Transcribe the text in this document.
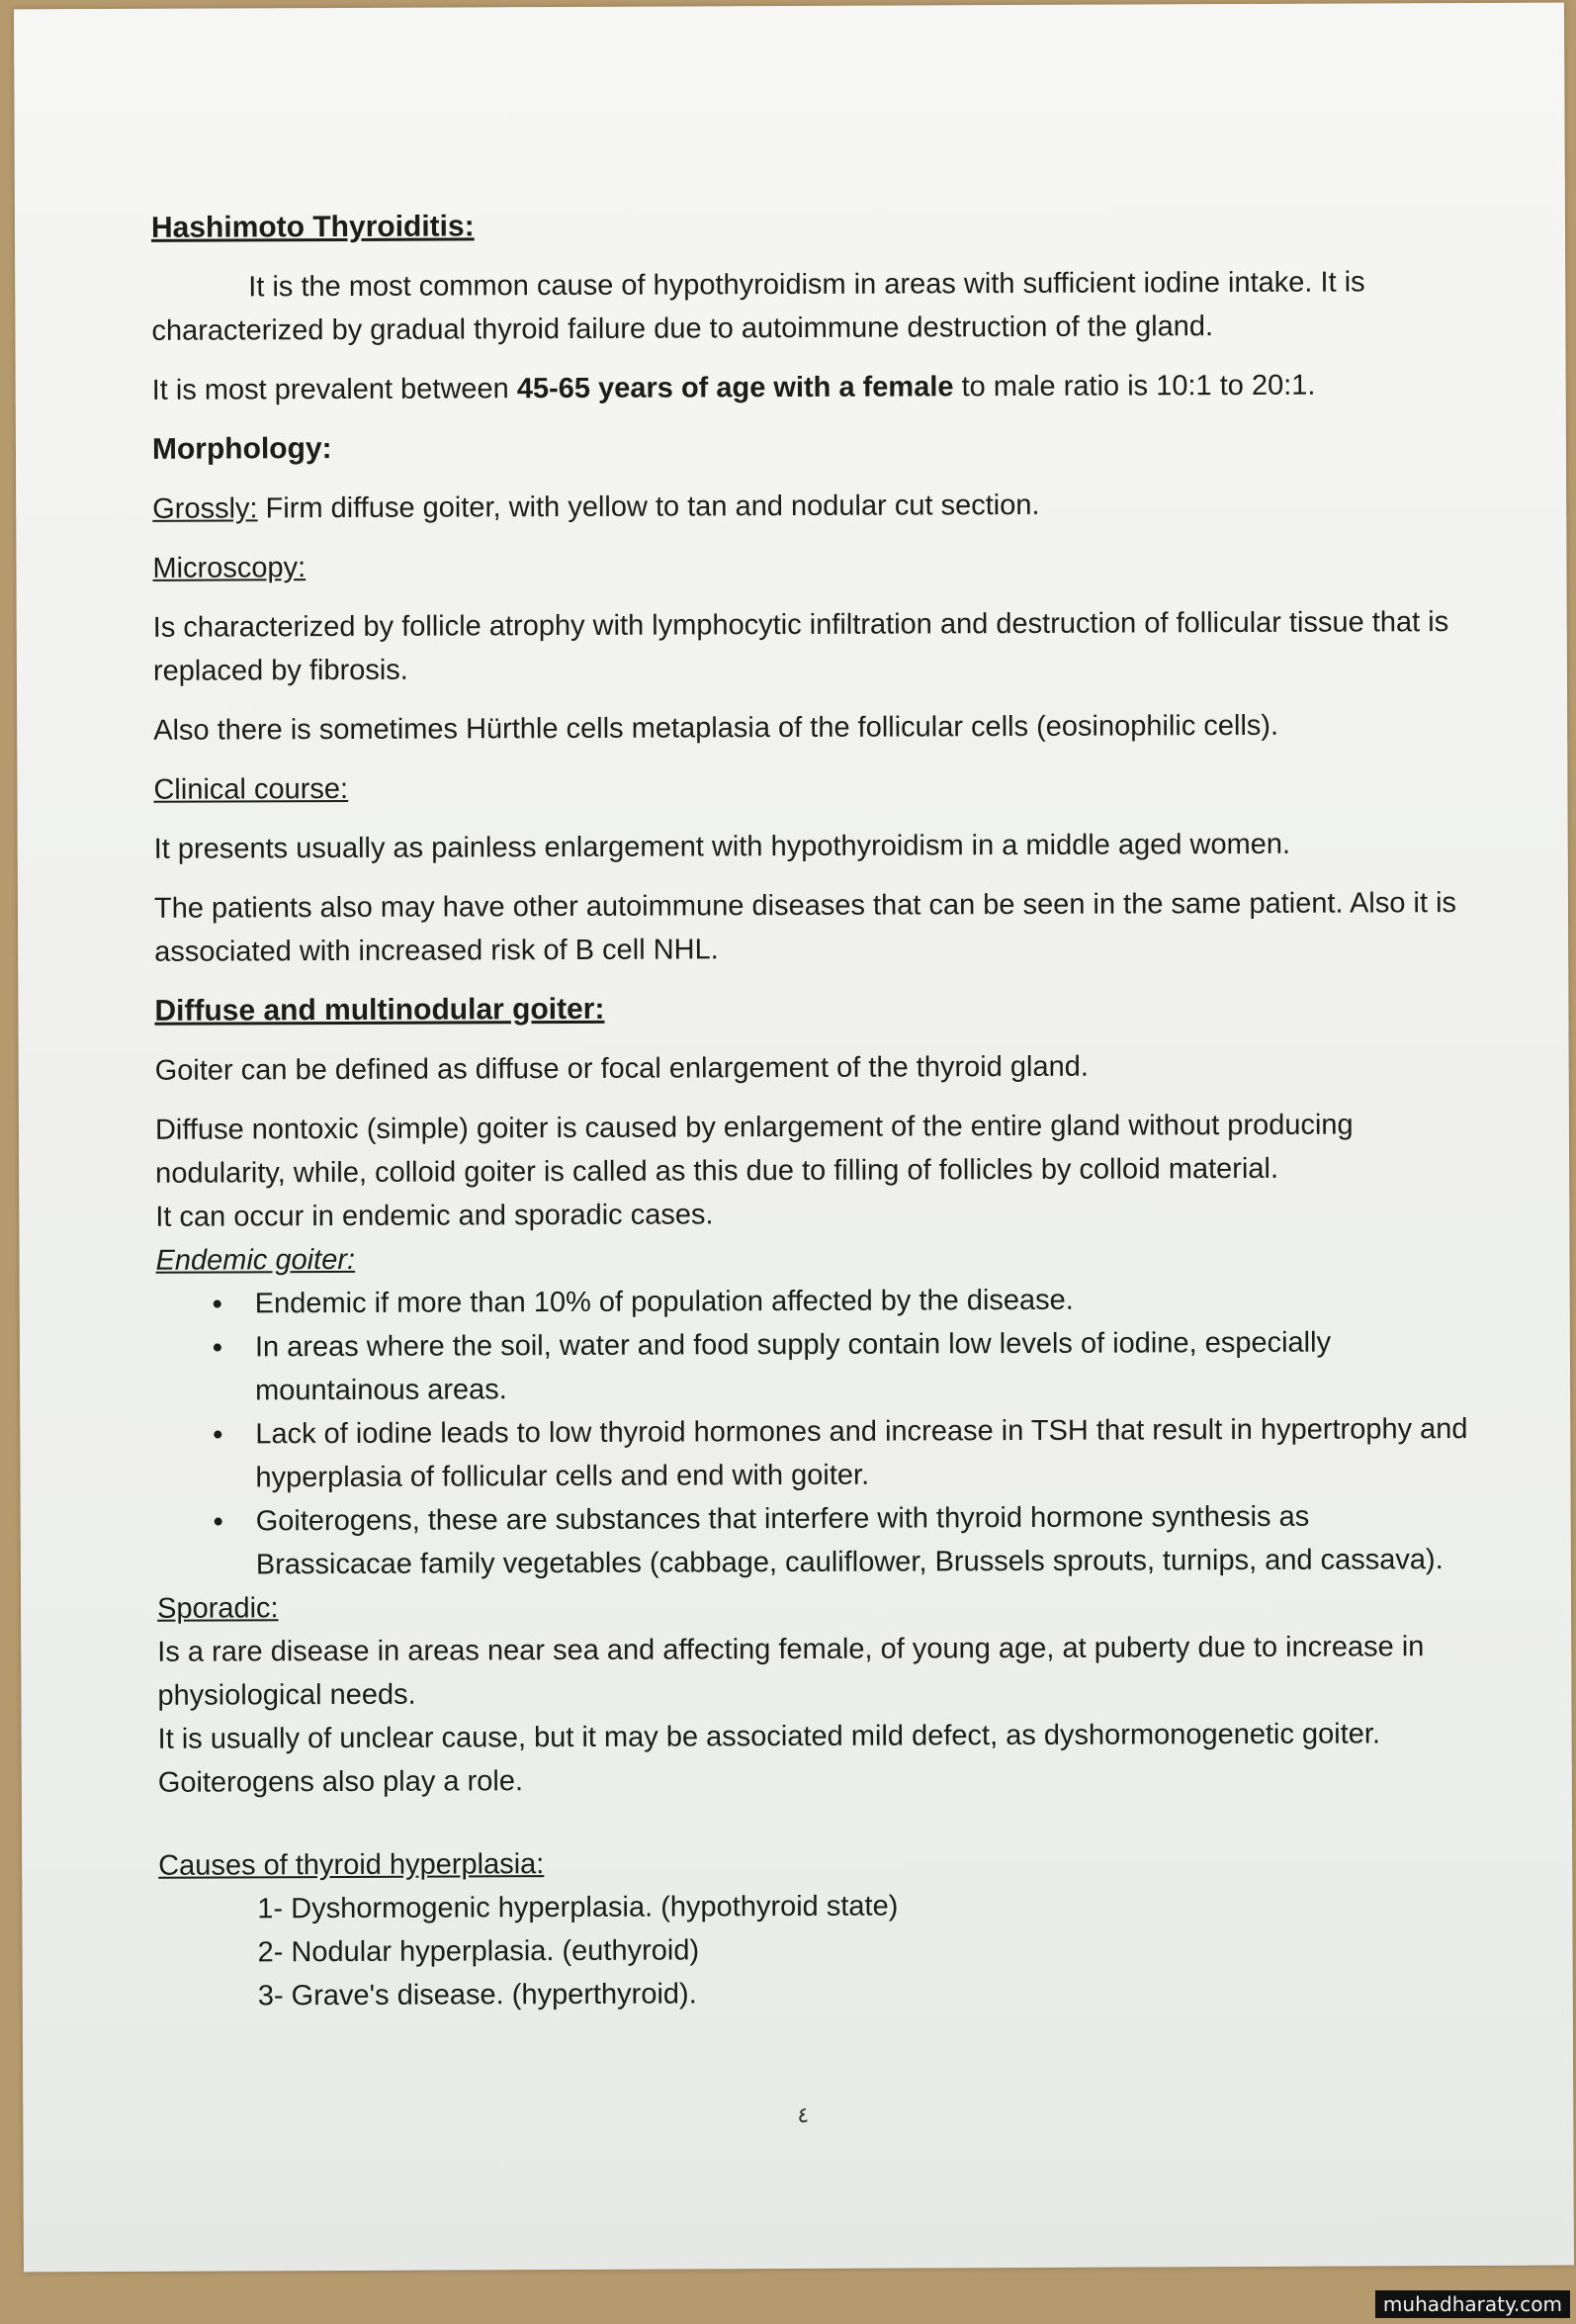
Hashimoto Thyroiditis:

It is the most common cause of hypothyroidism in areas with sufficient iodine intake. It is characterized by gradual thyroid failure due to autoimmune destruction of the gland.

It is most prevalent between 45-65 years of age with a female to male ratio is 10:1 to 20:1.

Morphology:

Grossly: Firm diffuse goiter, with yellow to tan and nodular cut section.

Microscopy:

Is characterized by follicle atrophy with lymphocytic infiltration and destruction of follicular tissue that is replaced by fibrosis.

Also there is sometimes Hürthle cells metaplasia of the follicular cells (eosinophilic cells).

Clinical course:

It presents usually as painless enlargement with hypothyroidism in a middle aged women.

The patients also may have other autoimmune diseases that can be seen in the same patient. Also it is associated with increased risk of B cell NHL.

Diffuse and multinodular goiter:

Goiter can be defined as diffuse or focal enlargement of the thyroid gland.

Diffuse nontoxic (simple) goiter is caused by enlargement of the entire gland without producing nodularity, while, colloid goiter is called as this due to filling of follicles by colloid material.

It can occur in endemic and sporadic cases.

Endemic goiter:

Endemic if more than 10% of population affected by the disease.
In areas where the soil, water and food supply contain low levels of iodine, especially mountainous areas.
Lack of iodine leads to low thyroid hormones and increase in TSH that result in hypertrophy and hyperplasia of follicular cells and end with goiter.
Goiterogens, these are substances that interfere with thyroid hormone synthesis as Brassicacae family vegetables (cabbage, cauliflower, Brussels sprouts, turnips, and cassava).

Sporadic:

Is a rare disease in areas near sea and affecting female, of young age, at puberty due to increase in physiological needs.

It is usually of unclear cause, but it may be associated mild defect, as dyshormonogenetic goiter. Goiterogens also play a role.

Causes of thyroid hyperplasia:

1- Dyshormogenic hyperplasia. (hypothyroid state)
2- Nodular hyperplasia. (euthyroid)
3- Grave's disease. (hyperthyroid).
٤
muhadharaty.com
